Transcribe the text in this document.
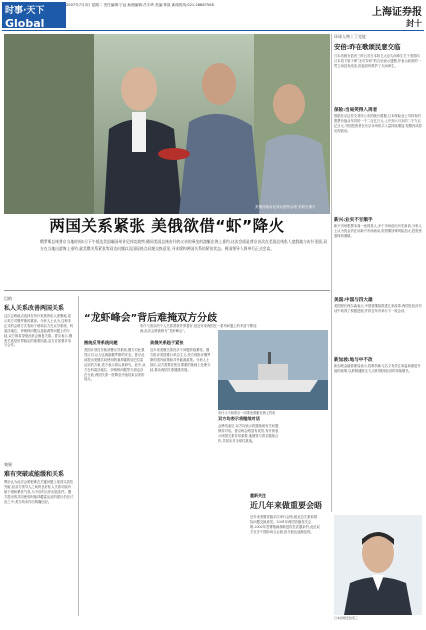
时事·天下
Global
2007年7月3日 星期二 责任编辑:宁远 助理编辑:吕宇琦 美编:钟凯 新闻热线:021-28887508
上海证券报
封十
美俄首脑肯尼邦克波特会晤 美联社图片
两国关系紧张 美俄欲借“虾”降火
俄罗斯总统普京当地时间1日下午抵达美国缅因州肯尼邦克波特,随同美国总统布什的父亲的乘坐的游艇在海上垂钓,这次会面是普京首次在美国总统私人度假地与布什见面,双方在当地出游海上垂钓,就美俄关系紧张等双边问题以及国际热点问题交换意见,寻求缓和两国关系的紧张状态。两国领导人将举行正式会谈。
环球人物丨丁克娃
安倍:昨在歌颂民意交临
日本首相安倍晋三昨日对日本防卫大臣久间章生关于美国向日本投下原子弹“无可奈何”的言论表示遗憾,并表示政府的一贯立场没有改变,但他同时维护了久间章生。
保险:当局笑得入再者
根据东京证券交易所公布的统计数据,日本保险业公司持有的股票价值从年初的一千二百亿日元,上升到六月末的二千九百亿日元,外国投资者在东京市场的买入量持续增加,短期内或将出现波动。
新兴:业实不甘顺手
新兴市场股票本周一表现喜人,多个市场创出历史新高,分析人士认为资金仍在向新兴市场流动,但短期回调风险加大,投资者需保持谨慎。
美国:中国与四大雄
美国财长保尔森表示,中国将继续推进汇率改革,两国在经济对话中取得了积极进展,并将在年内举行下一轮会谈。
新加坡:地与中不改
新加坡金融管理局表示,将维持新元名义有效汇率温和渐进升值的政策,以抑制通胀压力,同时保持经济的持续增长。
目的
私人关系改善两国关系
这次会晤地点选择在布什家族的私人度假地,显示美方对俄罗斯的重视。分析人士认为,这种非正式的会晤方式有助于缓和双方在反导系统、科索沃地位、伊朗核问题以及能源等问题上的分歧,双方都希望借此机会修复关系。普京表示,俄美关系是世界稳定的重要因素,双方应加强对话与合作。
效果
难有突破或能缓和关系
舆论认为此次会晤很难在关键问题上取得实质性突破,但双方领导人之间的良好私人关系可能有助于缓和紧张气氛,为今后的合作创造条件。俄方提出的共同使用阿塞拜疆雷达站的建议仍在讨论之中,美方尚未作出明确回应。
“龙虾峰会”背后难掩双方分歧
布什与普京的个人关系曾被外界看好,但近年来两国在一系列问题上的矛盾不断加深,此次会晤被称为“龙虾峰会”。
围绕反导系统问题
美国计划在东欧部署反导系统,俄方对此强烈反对,认为这威胁俄罗斯的安全。普京此前提出美俄共同使用阿塞拜疆的加巴拉雷达站的方案,美方表示将认真研究。此外,双方在科索沃地位、伊朗核问题等方面也存在分歧,两国关系一度降至冷战结束以来的低点。
美俄关系趋于紧张
近年来美俄关系因多个问题持续紧张。俄方批评美国推行单边主义,美方则批评俄罗斯的国内政策和对外能源政策。分析人士指出,双方需要在相互尊重的基础上处理分歧,推动两国关系健康发展。
布什父子和普京一同乘坐游艇在海上钓鱼
双方均表示将继续对话
会晤结束后,双方均表示将继续就有关问题保持对话。普京称会晤富有成效,布什则表示两国关系非常重要,他期待与普京继续合作,共同应对全球性挑战。
重新关注
近几年来做重要会晤
近年来美俄首脑多次举行会晤,就双边关系和国际问题交换意见。2001年两国首脑首次会晤,2002年签署削减战略进攻性武器条约,此后双方在多个国际场合会面,但分歧也逐渐显现。
日本首相安倍晋三
